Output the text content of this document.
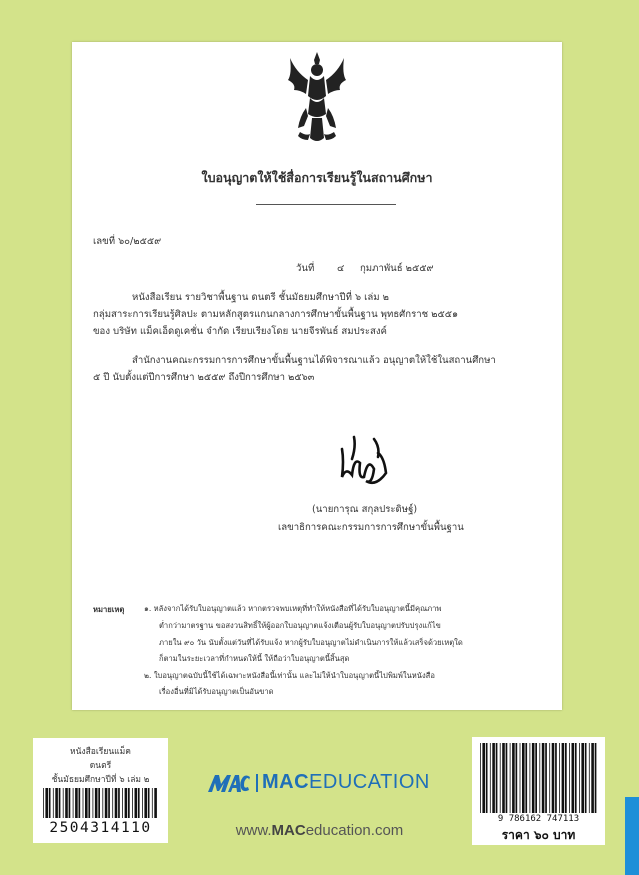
ใบอนุญาตให้ใช้สื่อการเรียนรู้ในสถานศึกษา
เลขที่ ๖๐/๒๕๕๙
วันที่ ๔ กุมภาพันธ์ ๒๕๕๙
หนังสือเรียน รายวิชาพื้นฐาน ดนตรี ชั้นมัธยมศึกษาปีที่ ๖ เล่ม ๒
กลุ่มสาระการเรียนรู้ศิลปะ ตามหลักสูตรแกนกลางการศึกษาขั้นพื้นฐาน พุทธศักราช ๒๕๕๑
ของ บริษัท แม็คเอ็ดดูเคชั่น จำกัด เรียบเรียงโดย นายจีรพันธ์ สมประสงค์
สำนักงานคณะกรรมการการศึกษาขั้นพื้นฐานได้พิจารณาแล้ว อนุญาตให้ใช้ในสถานศึกษา
๕ ปี นับตั้งแต่ปีการศึกษา ๒๕๕๙ ถึงปีการศึกษา ๒๕๖๓
(นายการุณ สกุลประดิษฐ์)
เลขาธิการคณะกรรมการการศึกษาขั้นพื้นฐาน
หมายเหตุ	๑. หลังจากได้รับใบอนุญาตแล้ว หากตรวจพบเหตุที่ทำให้หนังสือที่ได้รับใบอนุญาตนี้มีคุณภาพ
ต่ำกว่ามาตรฐาน ขอสงวนสิทธิ์ให้ผู้ออกใบอนุญาตแจ้งเตือนผู้รับใบอนุญาตปรับปรุงแก้ไข
ภายใน ๙๐ วัน นับตั้งแต่วันที่ได้รับแจ้ง หากผู้รับใบอนุญาตไม่ดำเนินการให้แล้วเสร็จด้วยเหตุใด
ก็ตามในระยะเวลาที่กำหนดให้นี้ ให้ถือว่าใบอนุญาตนี้สิ้นสุด
๒. ใบอนุญาตฉบับนี้ใช้ได้เฉพาะหนังสือนี้เท่านั้น และไม่ให้นำใบอนุญาตนี้ไปพิมพ์ในหนังสือ
เรื่องอื่นที่มิได้รับอนุญาตเป็นอันขาด
หนังสือเรียนแม็ค
ดนตรี
ชั้นมัธยมศึกษาปีที่ ๖ เล่ม ๒
2504314110
MACEDUCATION
www.MACeducation.com
9 786162 747113
ราคา ๖๐ บาท
